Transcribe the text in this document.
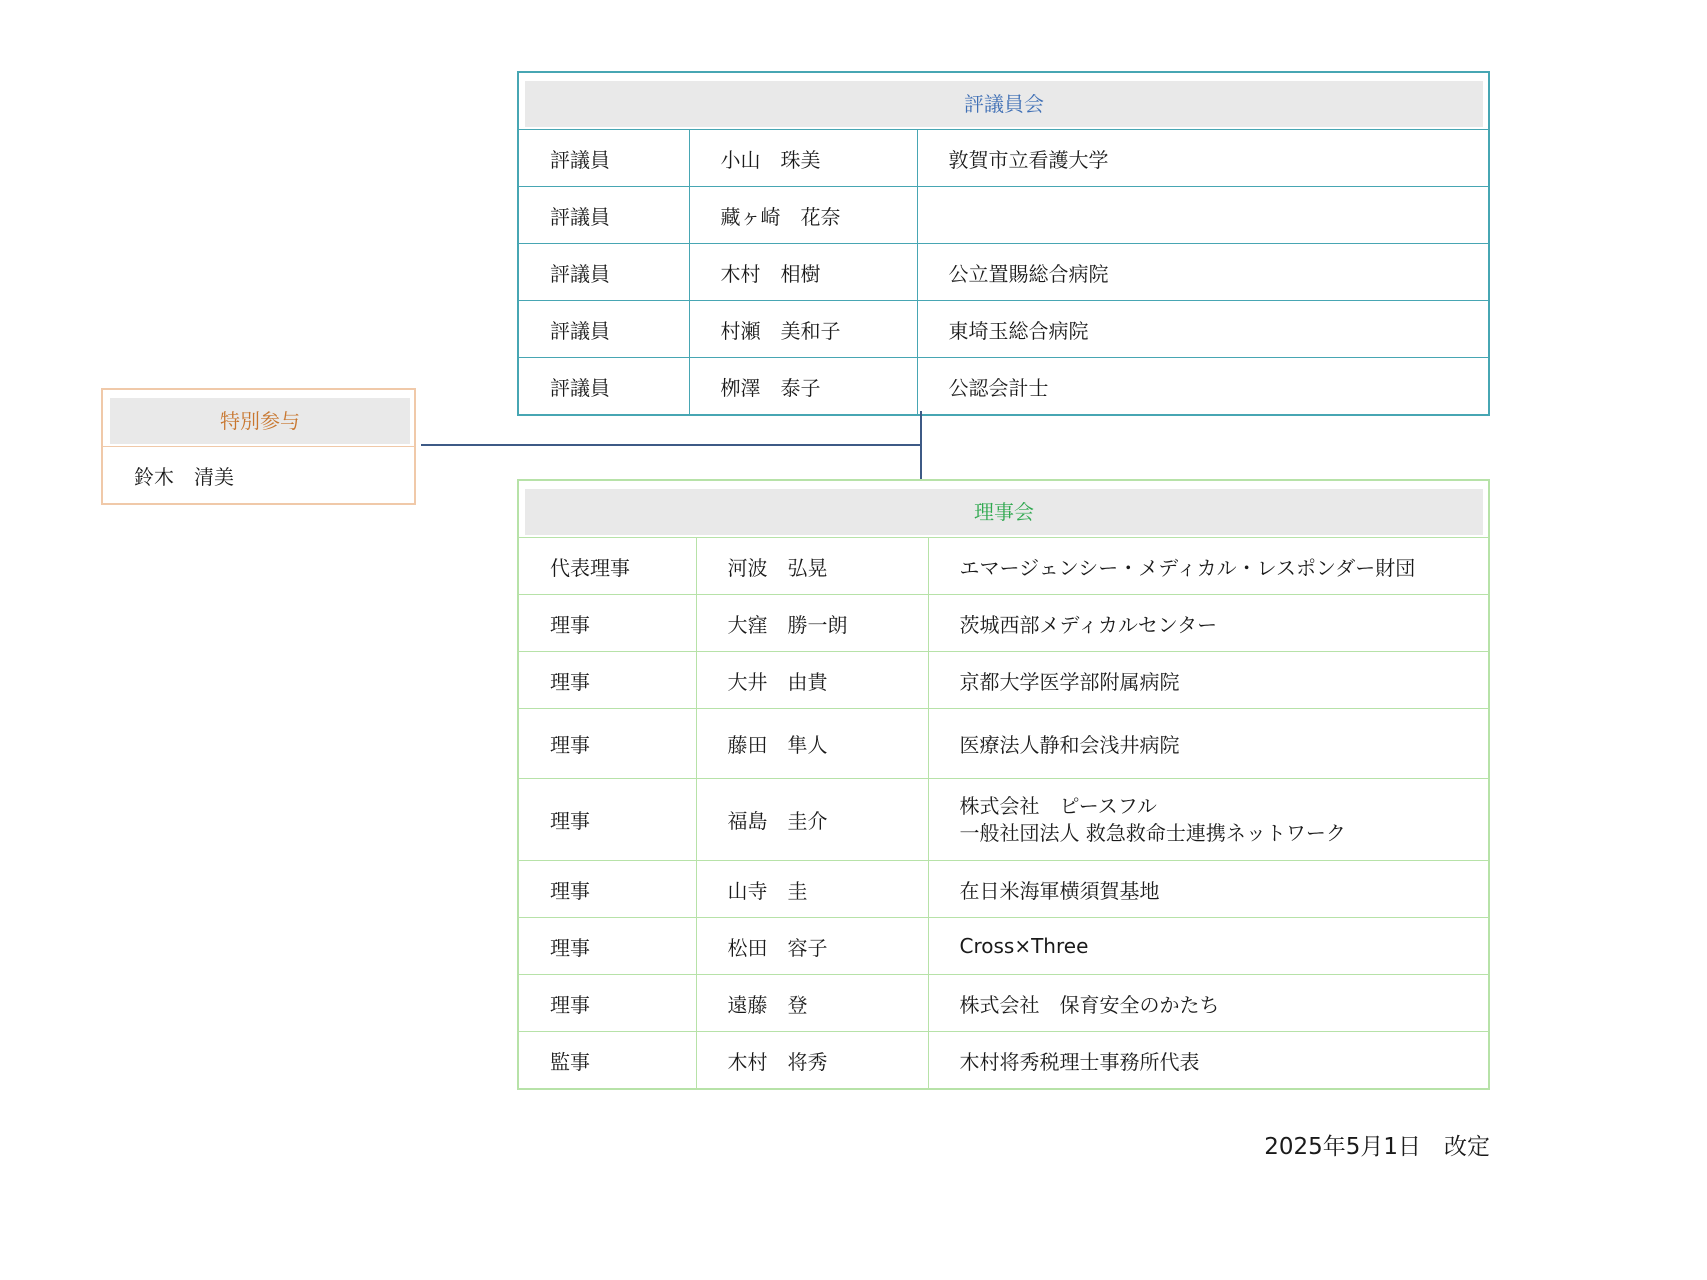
評議員会		

評議員	小山　珠美	敦賀市立看護大学
評議員	藏ヶ崎　花奈	
評議員	木村　相樹	公立置賜総合病院
評議員	村瀬　美和子	東埼玉総合病院
評議員	栁澤　泰子	公認会計士
特別参与

鈴木　清美
理事会		

代表理事	河波　弘晃	エマージェンシー・メディカル・レスポンダー財団
理事	大窪　勝一朗	茨城西部メディカルセンター
理事	大井　由貴	京都大学医学部附属病院
理事	藤田　隼人	医療法人静和会浅井病院
理事	福島　圭介	株式会社　ピースフル
一般社団法人 救急救命士連携ネットワーク

理事	山寺　圭	在日米海軍横須賀基地
理事	松田　容子	Cross×Three
理事	遠藤　登	株式会社　保育安全のかたち
監事	木村　将秀	木村将秀税理士事務所代表
2025年5月1日　改定
